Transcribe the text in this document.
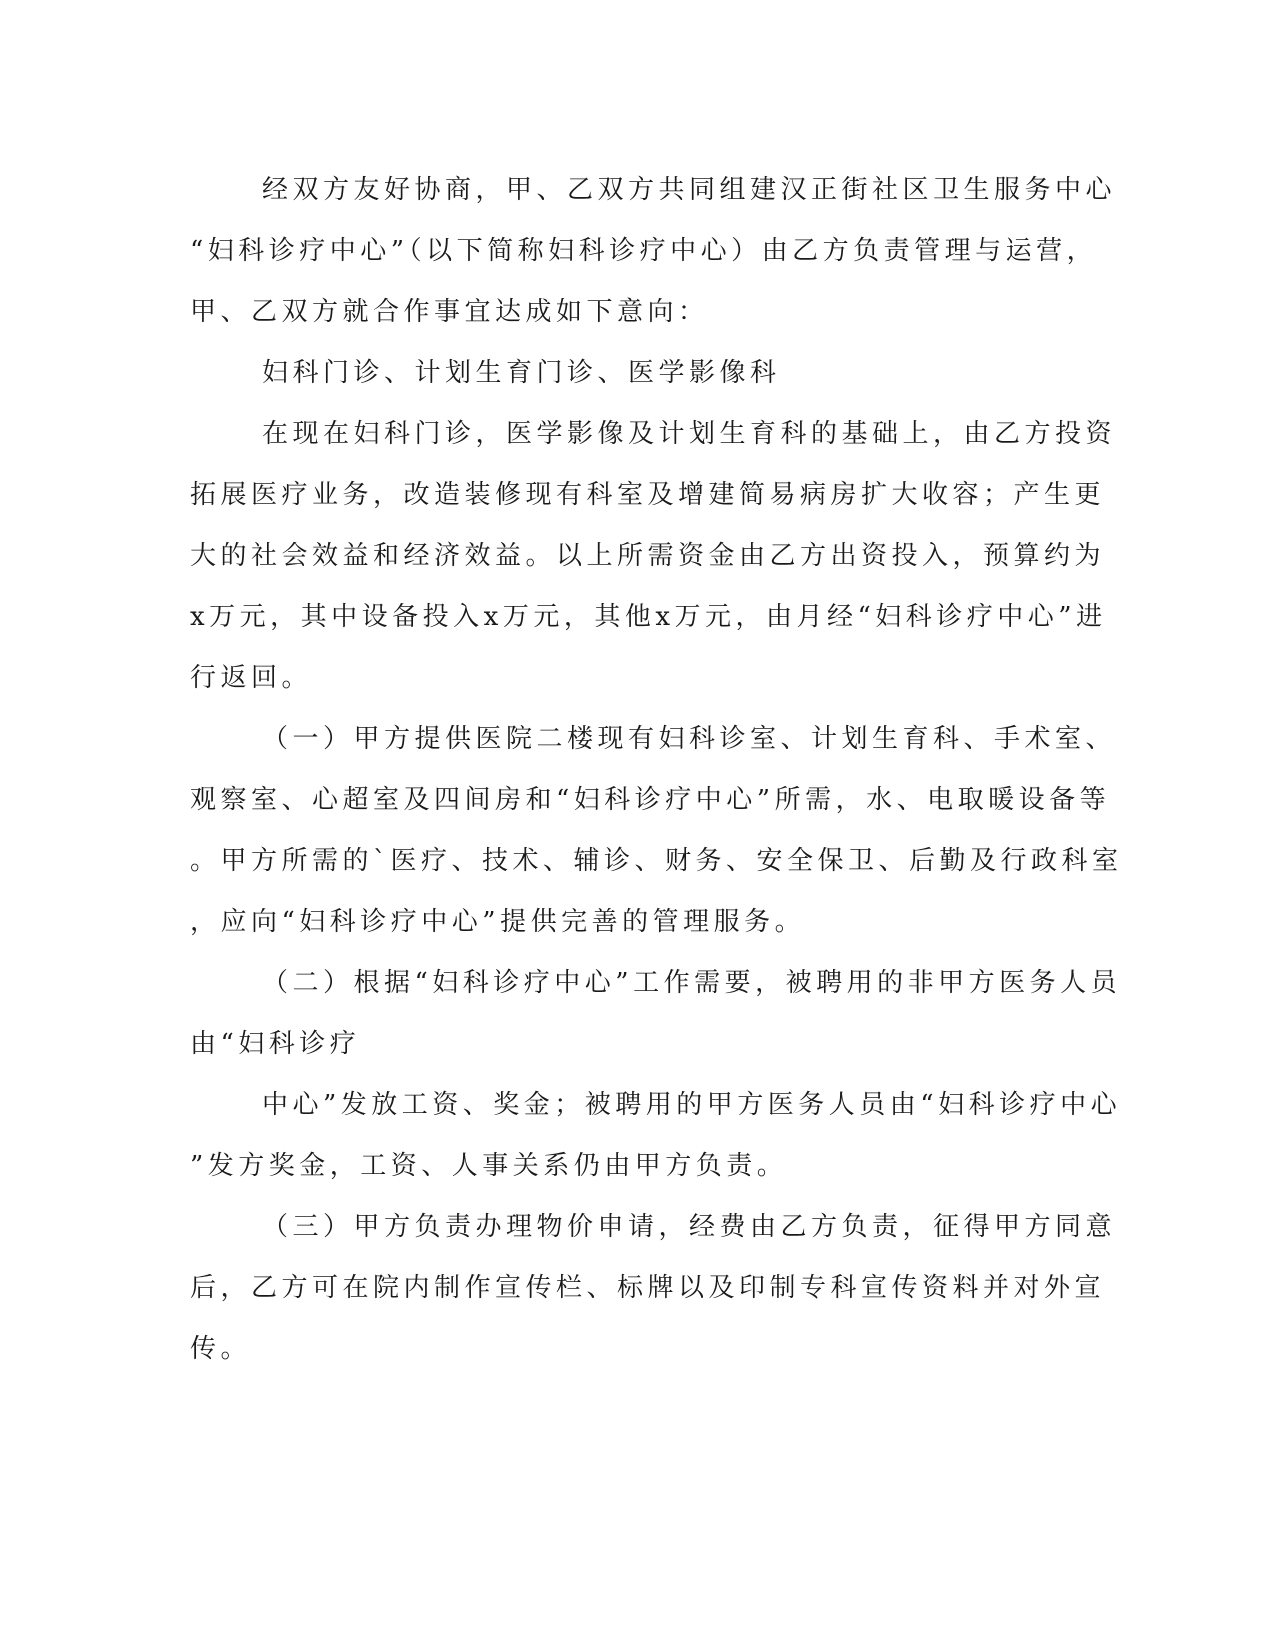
经双方友好协商，甲、乙双方共同组建汉正街社区卫生服务中心
“妇科诊疗中心”（以下简称妇科诊疗中心）由乙方负责管理与运营，
甲、乙双方就合作事宜达成如下意向：
妇科门诊、计划生育门诊、医学影像科
在现在妇科门诊，医学影像及计划生育科的基础上，由乙方投资
拓展医疗业务，改造装修现有科室及增建简易病房扩大收容；产生更
大的社会效益和经济效益。以上所需资金由乙方出资投入，预算约为
x万元，其中设备投入x万元，其他x万元，由月经“妇科诊疗中心”进
行返回。
（一）甲方提供医院二楼现有妇科诊室、计划生育科、手术室、
观察室、心超室及四间房和“妇科诊疗中心”所需，水、电取暖设备等
。甲方所需的`医疗、技术、辅诊、财务、安全保卫、后勤及行政科室
，应向“妇科诊疗中心”提供完善的管理服务。
（二）根据“妇科诊疗中心”工作需要，被聘用的非甲方医务人员
由“妇科诊疗
中心”发放工资、奖金；被聘用的甲方医务人员由“妇科诊疗中心
”发方奖金，工资、人事关系仍由甲方负责。
（三）甲方负责办理物价申请，经费由乙方负责，征得甲方同意
后，乙方可在院内制作宣传栏、标牌以及印制专科宣传资料并对外宣
传。
